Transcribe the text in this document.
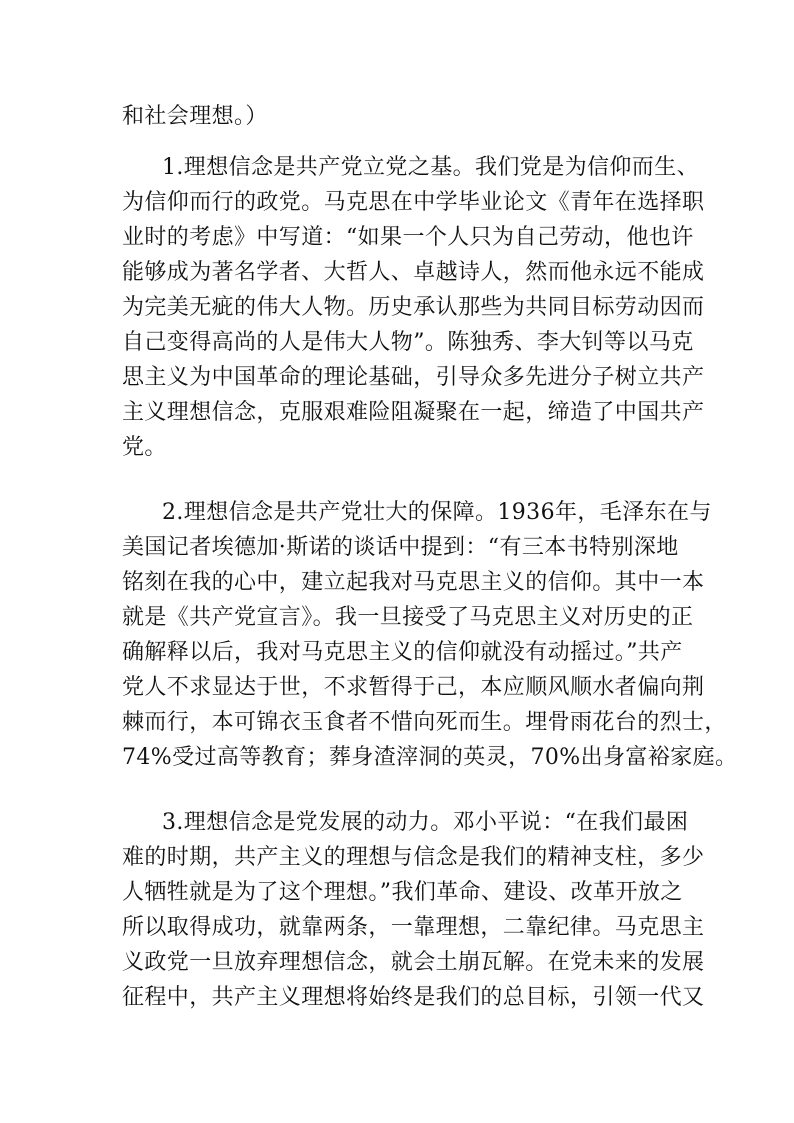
和社会理想。）
1.理想信念是共产党立党之基。我们党是为信仰而生、
为信仰而行的政党。马克思在中学毕业论文《青年在选择职
业时的考虑》中写道：“如果一个人只为自己劳动，他也许
能够成为著名学者、大哲人、卓越诗人，然而他永远不能成
为完美无疵的伟大人物。历史承认那些为共同目标劳动因而
自己变得高尚的人是伟大人物”。陈独秀、李大钊等以马克
思主义为中国革命的理论基础，引导众多先进分子树立共产
主义理想信念，克服艰难险阻凝聚在一起，缔造了中国共产
党。
2.理想信念是共产党壮大的保障。1936年，毛泽东在与
美国记者埃德加·斯诺的谈话中提到：“有三本书特别深地
铭刻在我的心中，建立起我对马克思主义的信仰。其中一本
就是《共产党宣言》。我一旦接受了马克思主义对历史的正
确解释以后，我对马克思主义的信仰就没有动摇过。”共产
党人不求显达于世，不求暂得于己，本应顺风顺水者偏向荆
棘而行，本可锦衣玉食者不惜向死而生。埋骨雨花台的烈士，
74%受过高等教育；葬身渣滓洞的英灵，70%出身富裕家庭。
3.理想信念是党发展的动力。邓小平说：“在我们最困
难的时期，共产主义的理想与信念是我们的精神支柱，多少
人牺牲就是为了这个理想。”我们革命、建设、改革开放之
所以取得成功，就靠两条，一靠理想，二靠纪律。马克思主
义政党一旦放弃理想信念，就会土崩瓦解。在党未来的发展
征程中，共产主义理想将始终是我们的总目标，引领一代又
